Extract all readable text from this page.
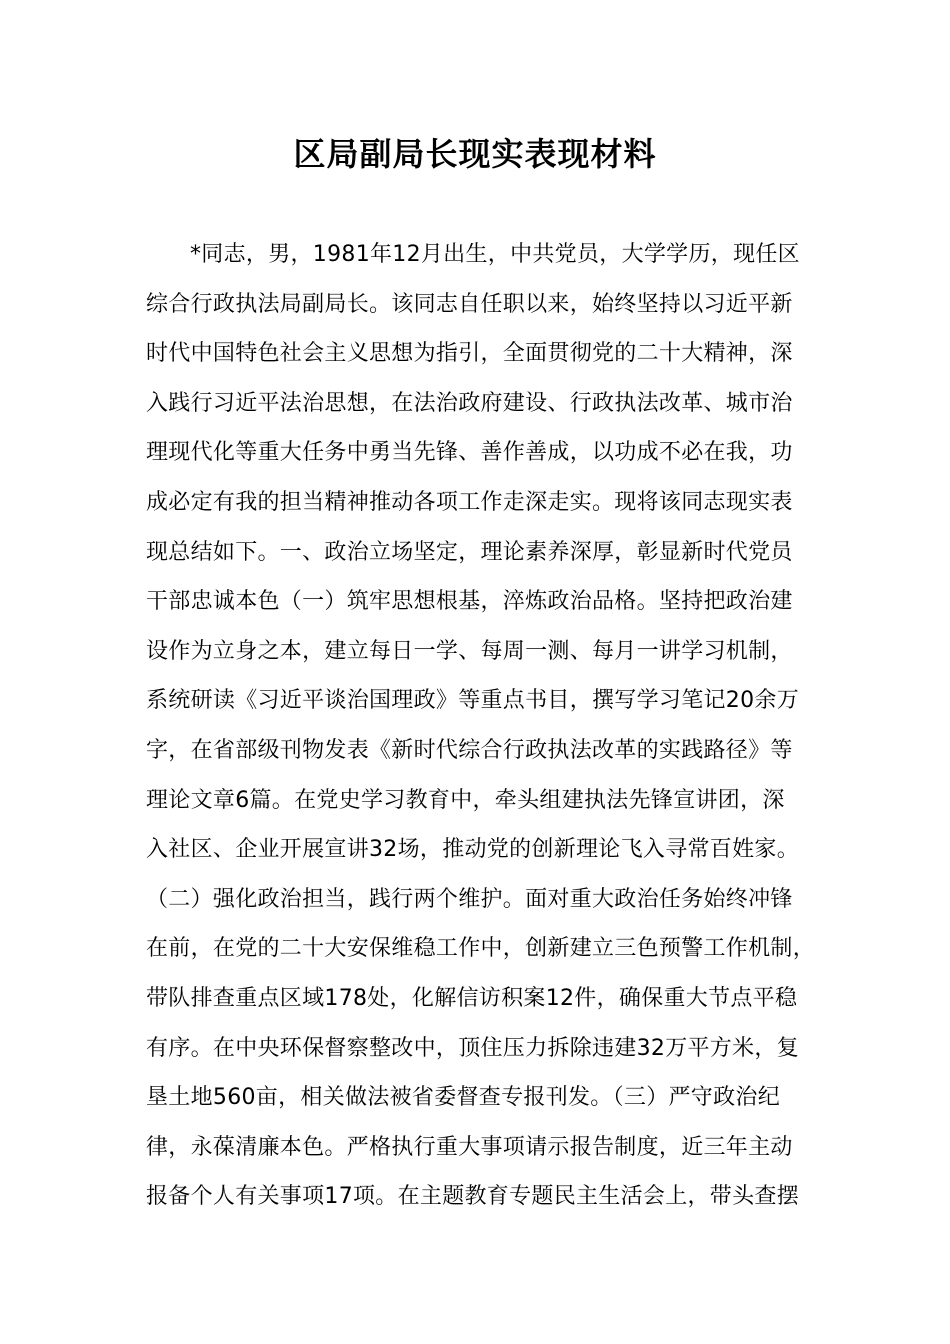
区局副局长现实表现材料
*同志，男，1981年12月出生，中共党员，大学学历，现任区
综合行政执法局副局长。该同志自任职以来，始终坚持以习近平新
时代中国特色社会主义思想为指引，全面贯彻党的二十大精神，深
入践行习近平法治思想，在法治政府建设、行政执法改革、城市治
理现代化等重大任务中勇当先锋、善作善成，以功成不必在我，功
成必定有我的担当精神推动各项工作走深走实。现将该同志现实表
现总结如下。一、政治立场坚定，理论素养深厚，彰显新时代党员
干部忠诚本色（一）筑牢思想根基，淬炼政治品格。坚持把政治建
设作为立身之本，建立每日一学、每周一测、每月一讲学习机制，
系统研读《习近平谈治国理政》等重点书目，撰写学习笔记20余万
字，在省部级刊物发表《新时代综合行政执法改革的实践路径》等
理论文章6篇。在党史学习教育中，牵头组建执法先锋宣讲团，深
入社区、企业开展宣讲32场，推动党的创新理论飞入寻常百姓家。
（二）强化政治担当，践行两个维护。面对重大政治任务始终冲锋
在前，在党的二十大安保维稳工作中，创新建立三色预警工作机制，
带队排查重点区域178处，化解信访积案12件，确保重大节点平稳
有序。在中央环保督察整改中，顶住压力拆除违建32万平方米，复
垦土地560亩，相关做法被省委督查专报刊发。（三）严守政治纪
律，永葆清廉本色。严格执行重大事项请示报告制度，近三年主动
报备个人有关事项17项。在主题教育专题民主生活会上，带头查摆
